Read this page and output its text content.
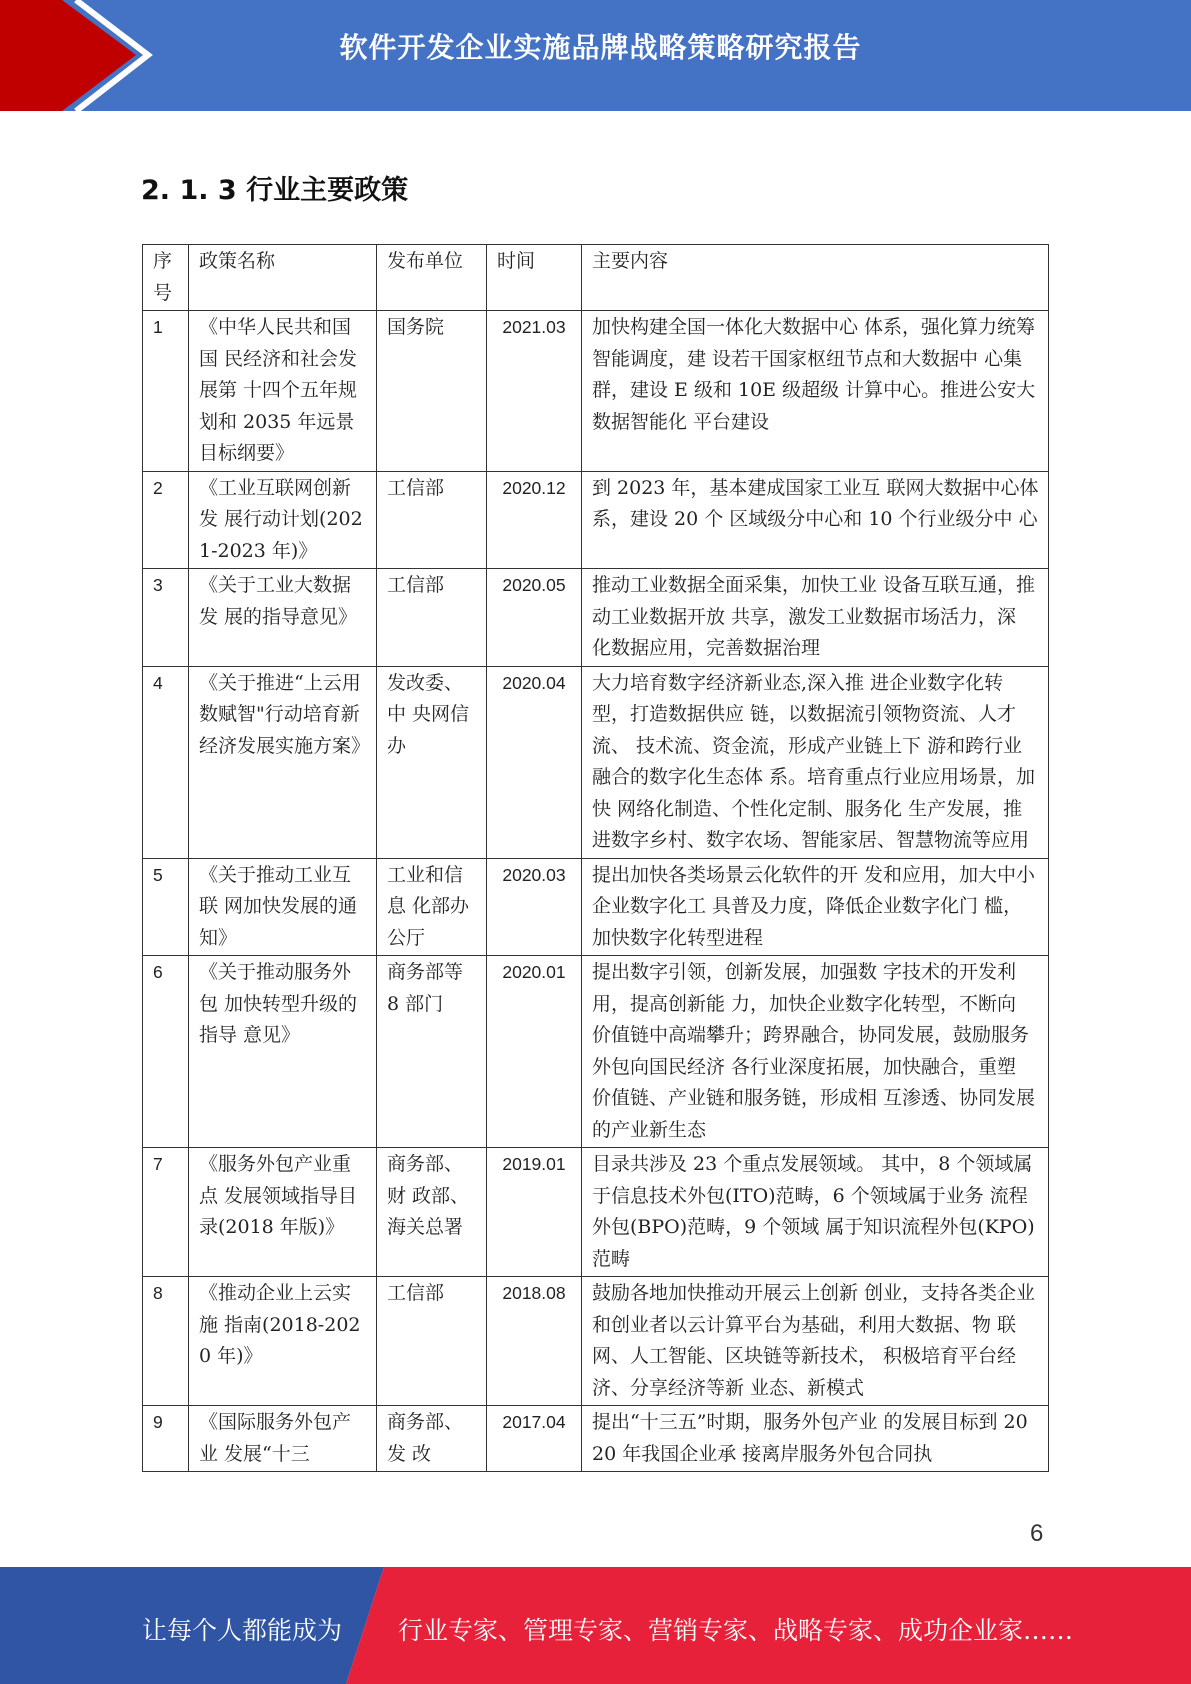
软件开发企业实施品牌战略策略研究报告
2. 1. 3 行业主要政策
序号	政策名称	发布单位	时间	主要内容
1	《中华人民共和国国 民经济和社会发展第 十四个五年规划和 2035 年远景目标纲要》	国务院	2021.03	加快构建全国一体化大数据中心 体系，强化算力统筹智能调度，建 设若干国家枢纽节点和大数据中 心集群，建设 E 级和 10E 级超级 计算中心。推进公安大数据智能化 平台建设
2	《工业互联网创新发 展行动计划(2021-2023 年)》	工信部	2020.12	到 2023 年，基本建成国家工业互 联网大数据中心体系，建设 20 个 区域级分中心和 10 个行业级分中 心
3	《关于工业大数据发 展的指导意见》	工信部	2020.05	推动工业数据全面采集，加快工业 设备互联互通，推动工业数据开放 共享，激发工业数据市场活力，深 化数据应用，完善数据治理
4	《关于推进“上云用 数赋智"行动培育新 经济发展实施方案》	发改委、中 央网信办	2020.04	大力培育数字经济新业态,深入推 进企业数字化转型，打造数据供应 链，以数据流引领物资流、人才流、 技术流、资金流，形成产业链上下 游和跨行业融合的数字化生态体 系。培育重点行业应用场景，加快 网络化制造、个性化定制、服务化 生产发展，推进数字乡村、数字农场、智能家居、智慧物流等应用
5	《关于推动工业互联 网加快发展的通知》	工业和信息 化部办公厅	2020.03	提出加快各类场景云化软件的开 发和应用，加大中小企业数字化工 具普及力度，降低企业数字化门 槛，加快数字化转型进程
6	《关于推动服务外包 加快转型升级的指导 意见》	商务部等 8 部门	2020.01	提出数字引领，创新发展，加强数 字技术的开发利用，提高创新能 力，加快企业数字化转型，不断向 价值链中高端攀升；跨界融合，协同发展，鼓励服务外包向国民经济 各行业深度拓展，加快融合，重塑 价值链、产业链和服务链，形成相 互渗透、协同发展的产业新生态
7	《服务外包产业重点 发展领域指导目录(2018 年版)》	商务部、财 政部、海关总署	2019.01	目录共涉及 23 个重点发展领域。 其中，8 个领域属于信息技术外包(ITO)范畴，6 个领域属于业务 流程外包(BPO)范畴，9 个领域 属于知识流程外包(KPO)范畴
8	《推动企业上云实施 指南(2018-2020 年)》	工信部	2018.08	鼓励各地加快推动开展云上创新 创业，支持各类企业和创业者以云计算平台为基础，利用大数据、物 联网、人工智能、区块链等新技术， 积极培育平台经济、分享经济等新 业态、新模式
9	《国际服务外包产业 发展“十三	商务部、发 改	2017.04	提出“十三五”时期，服务外包产业 的发展目标到 2020 年我国企业承 接离岸服务外包合同执
6
让每个人都能成为 行业专家、管理专家、营销专家、战略专家、成功企业家……
